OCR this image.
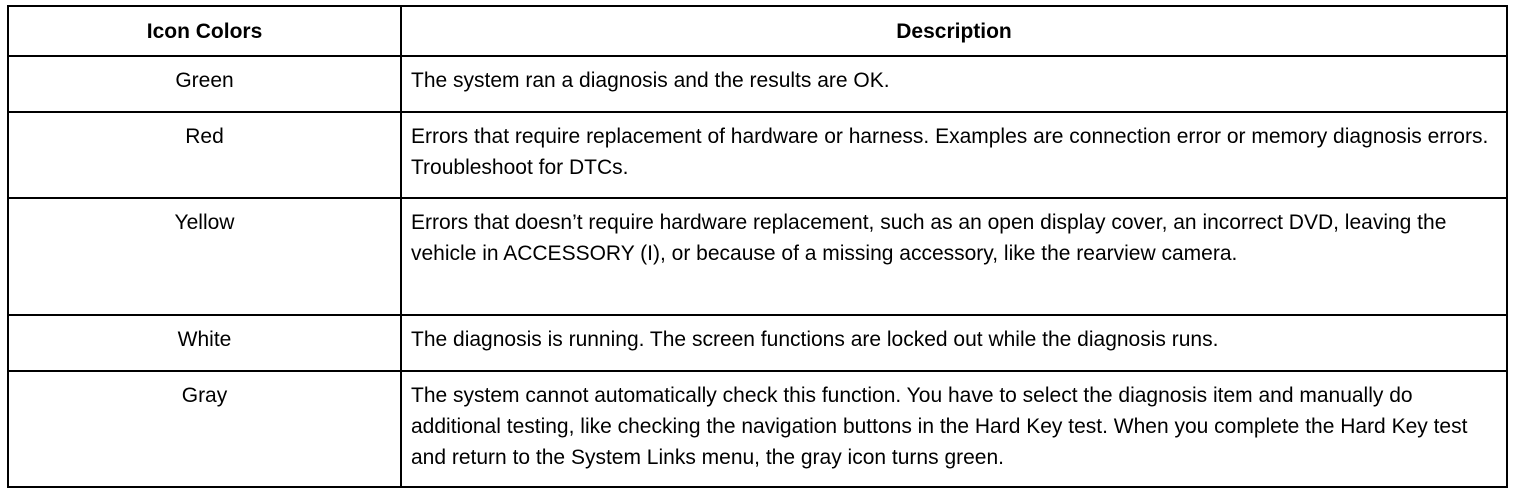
Icon Colors	Description
Green	The system ran a diagnosis and the results are OK.
Red	Errors that require replacement of hardware or harness. Examples are connection error or memory diagnosis errors. Troubleshoot for DTCs.
Yellow	Errors that doesn’t require hardware replacement, such as an open display cover, an incorrect DVD, leaving the vehicle in ACCESSORY (I), or because of a missing accessory, like the rearview camera.
White	The diagnosis is running. The screen functions are locked out while the diagnosis runs.
Gray	The system cannot automatically check this function. You have to select the diagnosis item and manually do additional testing, like checking the navigation buttons in the Hard Key test. When you complete the Hard Key test and return to the System Links menu, the gray icon turns green.
